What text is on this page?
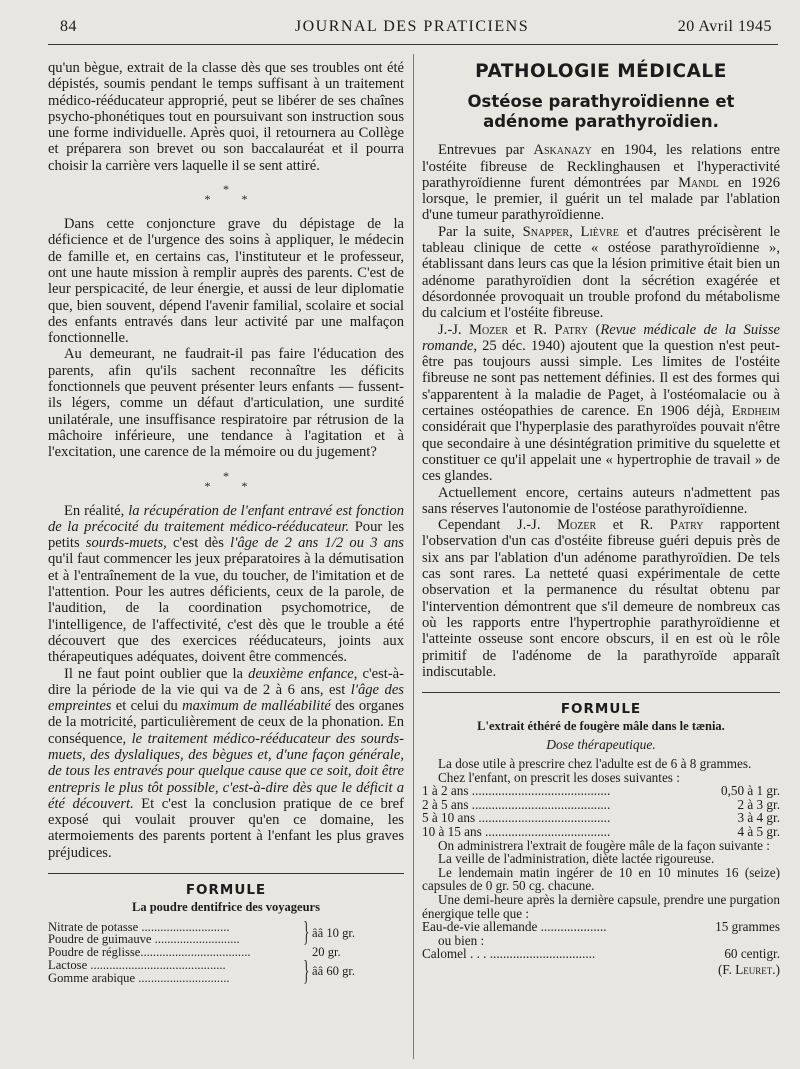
84	JOURNAL DES PRATICIENS	20 Avril 1945

qu'un bègue, extrait de la classe dès que ses troubles ont été dépistés, soumis pendant le temps suffisant à un traitement médico-rééducateur approprié, peut se libérer de ses chaînes psycho-phonétiques tout en poursuivant son instruction sous une forme individuelle. Après quoi, il retournera au Collège et préparera son brevet ou son baccalauréat et il pourra choisir la carrière vers laquelle il se sent attiré.

*
* *

Dans cette conjoncture grave du dépistage de la déficience et de l'urgence des soins à appliquer, le médecin de famille et, en certains cas, l'instituteur et le professeur, ont une haute mission à remplir auprès des parents. C'est de leur perspicacité, de leur énergie, et aussi de leur diplomatie que, bien souvent, dépend l'avenir familial, scolaire et social des enfants entravés dans leur activité par une malfaçon fonctionnelle.

Au demeurant, ne faudrait-il pas faire l'éducation des parents, afin qu'ils sachent reconnaître les déficits fonctionnels que peuvent présenter leurs enfants — fussent-ils légers, comme un défaut d'articulation, une surdité unilatérale, une insuffisance respiratoire par rétrusion de la mâchoire inférieure, une tendance à l'agitation et à l'excitation, une carence de la mémoire ou du jugement?

*
* *

En réalité, la récupération de l'enfant entravé est fonction de la précocité du traitement médico-rééducateur. Pour les petits sourds-muets, c'est dès l'âge de 2 ans 1/2 ou 3 ans qu'il faut commencer les jeux préparatoires à la démutisation et à l'entraînement de la vue, du toucher, de l'imitation et de l'attention. Pour les autres déficients, ceux de la parole, de l'audition, de la coordination psychomotrice, de l'intelligence, de l'affectivité, c'est dès que le trouble a été découvert que des exercices rééducateurs, joints aux thérapeutiques adéquates, doivent être commencés.

Il ne faut point oublier que la deuxième enfance, c'est-à-dire la période de la vie qui va de 2 à 6 ans, est l'âge des empreintes et celui du maximum de malléabilité des organes de la motricité, particulièrement de ceux de la phonation. En conséquence, le traitement médico-rééducateur des sourds-muets, des dyslaliques, des bègues et, d'une façon générale, de tous les entravés pour quelque cause que ce soit, doit être entrepris le plus tôt possible, c'est-à-dire dès que le déficit a été découvert. Et c'est la conclusion pratique de ce bref exposé qui voulait prouver qu'en ce domaine, les atermoiements des parents portent à l'enfant les plus graves préjudices.

FORMULE
La poudre dentifrice des voyageurs
Nitrate de potasse ............................
Poudre de guimauve ...........................	} ââ 10 gr.
Poudre de réglisse...................................	20 gr.
Lactose ...........................................
Gomme arabique .............................	} ââ 60 gr.
PATHOLOGIE MÉDICALE
Ostéose parathyroïdienne et adénome parathyroïdien.

Entrevues par Askanazy en 1904, les relations entre l'ostéite fibreuse de Recklinghausen et l'hyperactivité parathyroïdienne furent démontrées par Mandl en 1926 lorsque, le premier, il guérit un tel malade par l'ablation d'une tumeur parathyroïdienne.

Par la suite, Snapper, Lièvre et d'autres précisèrent le tableau clinique de cette « ostéose parathyroïdienne », établissant dans leurs cas que la lésion primitive était bien un adénome parathyroïdien dont la sécrétion exagérée et désordonnée provoquait un trouble profond du métabolisme du calcium et l'ostéite fibreuse.

J.-J. Mozer et R. Patry (Revue médicale de la Suisse romande, 25 déc. 1940) ajoutent que la question n'est peut-être pas toujours aussi simple. Les limites de l'ostéite fibreuse ne sont pas nettement définies. Il est des formes qui s'apparentent à la maladie de Paget, à l'ostéomalacie ou à certaines ostéopathies de carence. En 1906 déjà, Erdheim considérait que l'hyperplasie des parathyroïdes pouvait n'être que secondaire à une désintégration primitive du squelette et constituer ce qu'il appelait une « hypertrophie de travail » de ces glandes.

Actuellement encore, certains auteurs n'admettent pas sans réserves l'autonomie de l'ostéose parathyroïdienne.

Cependant J.-J. Mozer et R. Patry rapportent l'observation d'un cas d'ostéite fibreuse guéri depuis près de six ans par l'ablation d'un adénome parathyroïdien. De tels cas sont rares. La netteté quasi expérimentale de cette observation et la permanence du résultat obtenu par l'intervention démontrent que s'il demeure de nombreux cas où les rapports entre l'hypertrophie parathyroïdienne et l'atteinte osseuse sont encore obscurs, il en est où le rôle primitif de l'adénome de la parathyroïde apparaît indiscutable.

FORMULE
L'extrait éthéré de fougère mâle dans le tænia.
Dose thérapeutique.

La dose utile à prescrire chez l'adulte est de 6 à 8 grammes.

Chez l'enfant, on prescrit les doses suivantes :

1 à 2 ans ..........................................	0,50 à 1 gr.
2 à 5 ans ..........................................	2 à 3 gr.
5 à 10 ans ........................................	3 à 4 gr.
10 à 15 ans ......................................	4 à 5 gr.

On administrera l'extrait de fougère mâle de la façon suivante :

La veille de l'administration, diète lactée rigoureuse.

Le lendemain matin ingérer de 10 en 10 minutes 16 (seize) capsules de 0 gr. 50 cg. chacune.

Une demi-heure après la dernière capsule, prendre une purgation énergique telle que :

Eau-de-vie allemande ....................	15 grammes

ou bien :

Calomel . . . ................................	60 centigr.
(F. Leuret.)
